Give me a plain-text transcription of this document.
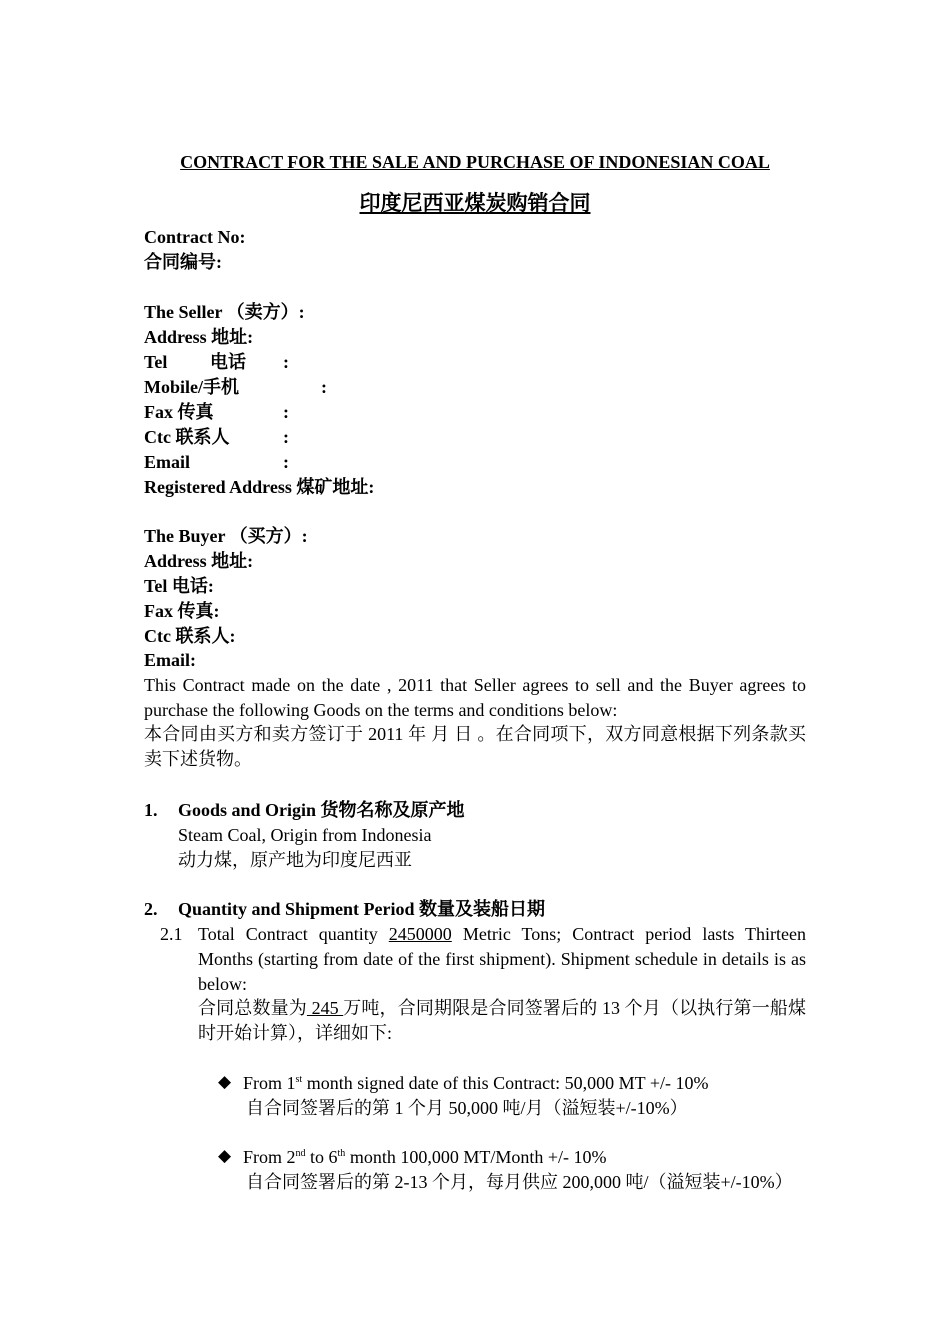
CONTRACT FOR THE SALE AND PURCHASE OF INDONESIAN COAL
印度尼西亚煤炭购销合同
Contract No:
合同编号:
The Seller （卖方）:
Address 地址:
Tel 电话 :
Mobile/手机	:
Fax 传真	:
Ctc 联系人	:
Email	:
Registered Address 煤矿地址:
The Buyer （买方）:
Address 地址:
Tel 电话:
Fax 传真:
Ctc 联系人:
Email:
This Contract made on the date , 2011 that Seller agrees to sell and the Buyer agrees to purchase the following Goods on the terms and conditions below:
本合同由买方和卖方签订于 2011 年 月 日 。在合同项下，双方同意根据下列条款买卖下述货物。
1. Goods and Origin 货物名称及原产地
Steam Coal, Origin from Indonesia
动力煤，原产地为印度尼西亚
2. Quantity and Shipment Period 数量及装船日期
2.1 Total Contract quantity 2450000 Metric Tons; Contract period lasts Thirteen Months (starting from date of the first shipment). Shipment schedule in details is as below:
合同总数量为 245 万吨，合同期限是合同签署后的 13 个月（以执行第一船煤时开始计算），详细如下:
◆ From 1st month signed date of this Contract: 50,000 MT +/- 10%
自合同签署后的第 1 个月 50,000 吨/月（溢短装+/-10%）
◆ From 2nd to 6th month 100,000 MT/Month +/- 10%
自合同签署后的第 2-13 个月，每月供应 200,000 吨/（溢短装+/-10%）
